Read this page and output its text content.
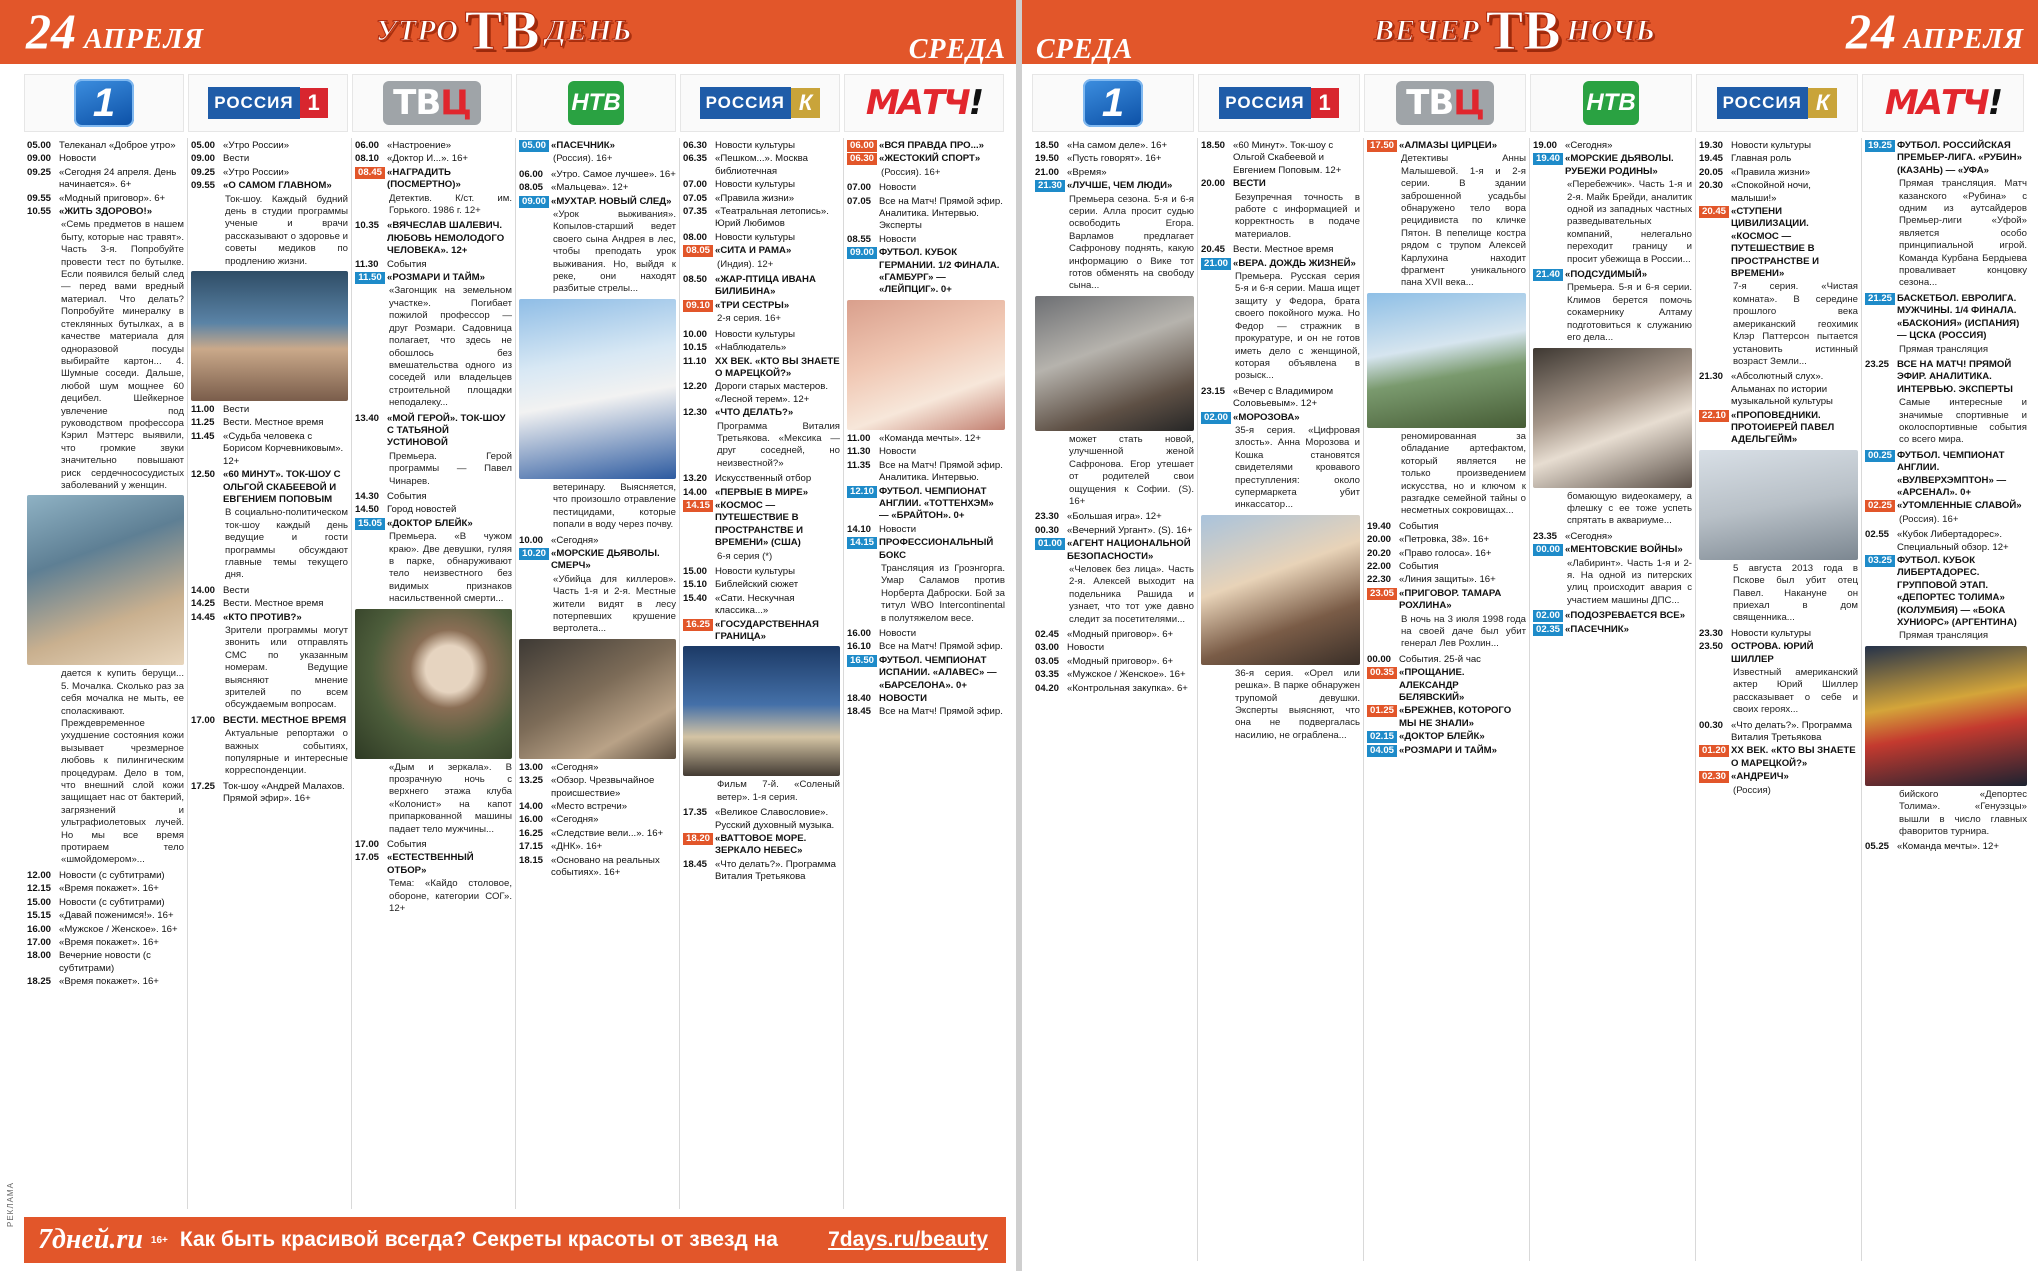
24 АПРЕЛЯ	УТРО ТВ ДЕНЬ
СРЕДА
1	РОССИЯ 1 ТВЦ	НТВ	РОССИЯ К МАТЧ!
05.00 Телеканал «Доброе утро»
09.00 Новости
09.25 «Сегодня 24 апреля. День начинается». 6+
09.55 «Модный приговор». 6+
10.55 «ЖИТЬ ЗДОРОВО!»
«Семь предметов в нашем быту, которые нас травят». Часть 3-я. Попробуйте провести тест по бутылке. Если появился белый след — перед вами вредный материал. Что делать? Попробуйте минералку в стеклянных бутылках, а в качестве материала для одноразовой посуды выбирайте картон... 4. Шумные соседи. Дальше, любой шум мощнее 60 децибел. Шейкерное увлечение под руководством профессора Кэрил Мэттерс выявили, что громкие звуки значительно повышают риск сердечнососудистых заболеваний у женщин.
дается к купить берущи... 5. Мочалка. Сколько раз за себя мочалка не мыть, ее споласкивают. Преждевременное ухудшение состояния кожи вызывает чрезмерное любовь к пилингическим процедурам. Дело в том, что внешний слой кожи защищает нас от бактерий, загрязнений и ультрафиолетовых лучей. Но мы все время протираем тело «шмойдомером»...
12.00 Новости (с субтитрами)
12.15 «Время покажет». 16+
15.00 Новости (с субтитрами)
15.15 «Давай поженимся!». 16+
16.00 «Мужское / Женское». 16+
17.00 «Время покажет». 16+
18.00 Вечерние новости (с субтитрами)
18.25 «Время покажет». 16+
05.00 «Утро России»
09.00 Вести
09.25 «Утро России»
09.55 «О САМОМ ГЛАВНОМ»
Ток-шоу. Каждый будний день в студии программы ученые и врачи рассказывают о здоровье и советы медиков по продлению жизни.
11.00 Вести
11.25 Вести. Местное время
11.45 «Судьба человека с Борисом Корчевниковым». 12+
12.50 «60 МИНУТ». ТОК-ШОУ С ОЛЬГОЙ СКАБЕЕВОЙ И ЕВГЕНИЕМ ПОПОВЫМ
В социально-политическом ток-шоу каждый день ведущие и гости программы обсуждают главные темы текущего дня.
14.00 Вести
14.25 Вести. Местное время
14.45 «КТО ПРОТИВ?»
Зрители программы могут звонить или отправлять СМС по указанным номерам. Ведущие выясняют мнение зрителей по всем обсуждаемым вопросам.
17.00 ВЕСТИ. МЕСТНОЕ ВРЕМЯ
Актуальные репортажи о важных событиях, популярные и интересные корреспонденции.
17.25 Ток-шоу «Андрей Малахов. Прямой эфир». 16+
06.00 «Настроение»
08.10 «Доктор И...». 16+
08.45 «НАГРАДИТЬ (ПОСМЕРТНО)»
Детектив. К/ст. им. Горького. 1986 г. 12+
10.35 «ВЯЧЕСЛАВ ШАЛЕВИЧ. ЛЮБОВЬ НЕМОЛОДОГО ЧЕЛОВЕКА». 12+
11.30 События
11.50 «РОЗМАРИ И ТАЙМ»
«Загонщик на земельном участке». Погибает пожилой профессор — друг Розмари. Садовница полагает, что здесь не обошлось без вмешательства одного из соседей или владельцев строительной площадки неподалеку...
13.40 «МОЙ ГЕРОЙ». ТОК-ШОУ С ТАТЬЯНОЙ УСТИНОВОЙ
Премьера. Герой программы — Павел Чинарев.
14.30 События
14.50 Город новостей
15.05 «ДОКТОР БЛЕЙК»
Премьера. «В чужом краю». Две девушки, гуляя в парке, обнаруживают тело неизвестного без видимых признаков насильственной смерти...
«Дым и зеркала». В прозрачную ночь с верхнего этажа клуба «Колонист» на капот припаркованной машины падает тело мужчины...
17.00 События
17.05 «ЕСТЕСТВЕННЫЙ ОТБОР»
Тема: «Кайдо столовое, обороне, категории СОГ». 12+
05.00 «ПАСЕЧНИК»
(Россия). 16+
06.00 «Утро. Самое лучшее». 16+
08.05 «Мальцева». 12+
09.00 «МУХТАР. НОВЫЙ СЛЕД»
«Урок выживания». Копылов-старший ведет своего сына Андрея в лес, чтобы преподать урок выживания. Но, выйдя к реке, они находят разбитые стрелы...
ветеринару. Выясняется, что произошло отравление пестицидами, которые попали в воду через почву.
10.00 «Сегодня»
10.20 «МОРСКИЕ ДЬЯВОЛЫ. СМЕРЧ»
«Убийца для киллеров». Часть 1-я и 2-я. Местные жители видят в лесу потерпевших крушение вертолета...
13.00 «Сегодня»
13.25 «Обзор. Чрезвычайное происшествие»
14.00 «Место встречи»
16.00 «Сегодня»
16.25 «Следствие вели...». 16+
17.15 «ДНК». 16+
18.15 «Основано на реальных событиях». 16+
06.30 Новости культуры
06.35 «Пешком...». Москва библиотечная
07.00 Новости культуры
07.05 «Правила жизни»
07.35 «Театральная летопись». Юрий Любимов
08.00 Новости культуры
08.05 «СИТА И РАМА»
(Индия). 12+
08.50 «ЖАР-ПТИЦА ИВАНА БИЛИБИНА»
09.10 «ТРИ СЕСТРЫ»
2-я серия. 16+
10.00 Новости культуры
10.15 «Наблюдатель»
11.10 ХХ ВЕК. «КТО ВЫ ЗНАЕТЕ О МАРЕЦКОЙ?»
12.20 Дороги старых мастеров. «Лесной терем». 12+
12.30 «ЧТО ДЕЛАТЬ?»
Программа Виталия Третьякова. «Мексика — друг соседней, но неизвестной?»
13.20 Искусственный отбор
14.00 «ПЕРВЫЕ В МИРЕ»
14.15 «КОСМОС — ПУТЕШЕСТВИЕ В ПРОСТРАНСТВЕ И ВРЕМЕНИ» (США)
6-я серия (*)
15.00 Новости культуры
15.10 Библейский сюжет
15.40 «Сати. Нескучная классика...»
16.25 «ГОСУДАРСТВЕННАЯ ГРАНИЦА»
Фильм 7-й. «Соленый ветер». 1-я серия.
17.35 «Великое Славословие». Русский духовный музыка.
18.20 «ВАТТОВОЕ МОРЕ. ЗЕРКАЛО НЕБЕС»
18.45 «Что делать?». Программа Виталия Третьякова
06.00 «ВСЯ ПРАВДА ПРО...»
06.30 «ЖЕСТОКИЙ СПОРТ»
(Россия). 16+
07.00 Новости
07.05 Все на Матч! Прямой эфир. Аналитика. Интервью. Эксперты
08.55 Новости
09.00 ФУТБОЛ. КУБОК ГЕРМАНИИ. 1/2 ФИНАЛА. «ГАМБУРГ» — «ЛЕЙПЦИГ». 0+
11.00 «Команда мечты». 12+
11.30 Новости
11.35 Все на Матч! Прямой эфир. Аналитика. Интервью.
12.10 ФУТБОЛ. ЧЕМПИОНАТ АНГЛИИ. «ТОТТЕНХЭМ» — «БРАЙТОН». 0+
14.10 Новости
14.15 ПРОФЕССИОНАЛЬНЫЙ БОКС
Трансляция из Гроэнгорга. Умар Саламов против Норберта Даброски. Бой за титул WBO Intercontinental в полутяжелом весе.
16.00 Новости
16.10 Все на Матч! Прямой эфир.
16.50 ФУТБОЛ. ЧЕМПИОНАТ ИСПАНИИ. «АЛАВЕС» — «БАРСЕЛОНА». 0+
18.40 НОВОСТИ
18.45 Все на Матч! Прямой эфир.
РЕКЛАМА
7дней.ru 16+ Как быть красивой всегда? Секреты красоты от звезд на	7days.ru/beauty
СРЕДА
ВЕЧЕР ТВ НОЧЬ	24 АПРЕЛЯ
1	РОССИЯ 1 ТВЦ	НТВ	РОССИЯ К МАТЧ!
18.50 «На самом деле». 16+
19.50 «Пусть говорят». 16+
21.00 «Время»
21.30 «ЛУЧШЕ, ЧЕМ ЛЮДИ»
Премьера сезона. 5-я и 6-я серии. Алла просит судью освободить Егора. Варламов предлагает Сафронову поднять, какую информацию о Вике тот готов обменять на свободу сына...
может стать новой, улучшенной женой Сафронова. Егор утешает от родителей свои ощущения к Софии. (S). 16+
23.30 «Большая игра». 12+
00.30 «Вечерний Ургант». (S). 16+
01.00 «АГЕНТ НАЦИОНАЛЬНОЙ БЕЗОПАСНОСТИ»
«Человек без лица». Часть 2-я. Алексей выходит на подельника Рашида и узнает, что тот уже давно следит за посетителями...
02.45 «Модный приговор». 6+
03.00 Новости
03.05 «Модный приговор». 6+
03.35 «Мужское / Женское». 16+
04.20 «Контрольная закупка». 6+
18.50 «60 Минут». Ток-шоу с Ольгой Скабеевой и Евгением Поповым. 12+
20.00 ВЕСТИ
Безупречная точность в работе с информацией и корректность в подаче материалов.
20.45 Вести. Местное время
21.00 «ВЕРА. ДОЖДЬ ЖИЗНЕЙ»
Премьера. Русская серия 5-я и 6-я серии. Маша ищет защиту у Федора, брата своего покойного мужа. Но Федор — стражник в прокуратуре, и он не готов иметь дело с женщиной, которая объявлена в розыск...
23.15 «Вечер с Владимиром Соловьевым». 12+
02.00 «МОРОЗОВА»
35-я серия. «Цифровая злость». Анна Морозова и Кошка становятся свидетелями кровавого преступления: около супермаркета убит инкассатор...
36-я серия. «Орел или решка». В парке обнаружен трупомой девушки. Эксперты выясняют, что она не подвергалась насилию, не ограблена...
17.50 «АЛМАЗЫ ЦИРЦЕИ»
Детективы Анны Малышевой. 1-я и 2-я серии. В здании заброшенной усадьбы обнаружено тело вора рецидивиста по кличке Пятон. В пепелище костра рядом с трупом Алексей Карлухина находит фрагмент уникального пана XVII века...
реномированная за обладание артефактом, который является не только произведением искусства, но и ключом к разгадке семейной тайны о несметных сокровищах...
19.40 События
20.00 «Петровка, 38». 16+
20.20 «Право голоса». 16+
22.00 События
22.30 «Линия защиты». 16+
23.05 «ПРИГОВОР. ТАМАРА РОХЛИНА»
В ночь на 3 июля 1998 года на своей даче был убит генерал Лев Рохлин...
00.00 События. 25-й час
00.35 «ПРОЩАНИЕ. АЛЕКСАНДР БЕЛЯВСКИЙ»
01.25 «БРЕЖНЕВ, КОТОРОГО МЫ НЕ ЗНАЛИ»
02.15 «ДОКТОР БЛЕЙК»
04.05 «РОЗМАРИ И ТАЙМ»
19.00 «Сегодня»
19.40 «МОРСКИЕ ДЬЯВОЛЫ. РУБЕЖИ РОДИНЫ»
«Перебежчик». Часть 1-я и 2-я. Майк Брейди, аналитик одной из западных частных разведывательных компаний, нелегально переходит границу и просит убежища в России...
21.40 «ПОДСУДИМЫЙ»
Премьера. 5-я и 6-я серии. Климов берется помочь сокамернику Алтаму подготовиться к служанию его дела...
бомающую видеокамеру, а флешку с ее тоже успеть спрятать в аквариуме...
23.35 «Сегодня»
00.00 «МЕНТОВСКИЕ ВОЙНЫ»
«Лабиринт». Часть 1-я и 2-я. На одной из питерских улиц происходит авария с участием машины ДПС...
02.00 «ПОДОЗРЕВАЕТСЯ ВСЕ»
02.35 «ПАСЕЧНИК»
19.30 Новости культуры
19.45 Главная роль
20.05 «Правила жизни»
20.30 «Спокойной ночи, малыши!»
20.45 «СТУПЕНИ ЦИВИЛИЗАЦИИ. «КОСМОС — ПУТЕШЕСТВИЕ В ПРОСТРАНСТВЕ И ВРЕМЕНИ»
7-я серия. «Чистая комната». В середине прошлого века американский геохимик Клэр Паттерсон пытается установить истинный возраст Земли...
21.30 «Абсолютный слух». Альманах по истории музыкальной культуры
22.10 «ПРОПОВЕДНИКИ. ПРОТОИЕРЕЙ ПАВЕЛ АДЕЛЬГЕЙМ»
5 августа 2013 года в Пскове был убит отец Павел. Накануне он приехал в дом священника...
23.30 Новости культуры
23.50 ОСТРОВА. ЮРИЙ ШИЛЛЕР
Известный американский актер Юрий Шиллер рассказывает о себе и своих героях...
00.30 «Что делать?». Программа Виталия Третьякова
01.20 ХХ ВЕК. «КТО ВЫ ЗНАЕТЕ О МАРЕЦКОЙ?»
02.30 «АНДРЕИЧ»
(Россия)
19.25 ФУТБОЛ. РОССИЙСКАЯ ПРЕМЬЕР-ЛИГА. «РУБИН» (КАЗАНЬ) — «УФА»
Прямая трансляция. Матч казанского «Рубина» с одним из аутсайдеров Премьер-лиги «Уфой» является особо принципиальной игрой. Команда Курбана Бердыева проваливает концовку сезона...
21.25 БАСКЕТБОЛ. ЕВРОЛИГА. МУЖЧИНЫ. 1/4 ФИНАЛА. «БАСКОНИЯ» (ИСПАНИЯ) — ЦСКА (РОССИЯ)
Прямая трансляция
23.25 ВСЕ НА МАТЧ! ПРЯМОЙ ЭФИР. АНАЛИТИКА. ИНТЕРВЬЮ. ЭКСПЕРТЫ
Самые интересные и значимые спортивные и околоспортивные события со всего мира.
00.25 ФУТБОЛ. ЧЕМПИОНАТ АНГЛИИ. «ВУЛВЕРХЭМПТОН» — «АРСЕНАЛ». 0+
02.25 «УТОМЛЕННЫЕ СЛАВОЙ»
(Россия). 16+
02.55 «Кубок Либертадорес». Специальный обзор. 12+
03.25 ФУТБОЛ. КУБОК ЛИБЕРТАДОРЕС. ГРУППОВОЙ ЭТАП. «ДЕПОРТЕС ТОЛИМА» (КОЛУМБИЯ) — «БОКА ХУНИОРС» (АРГЕНТИНА)
Прямая трансляция
бийского «Депортес Толима». «Генуэзцы» вышли в число главных фаворитов турнира.
05.25 «Команда мечты». 12+
